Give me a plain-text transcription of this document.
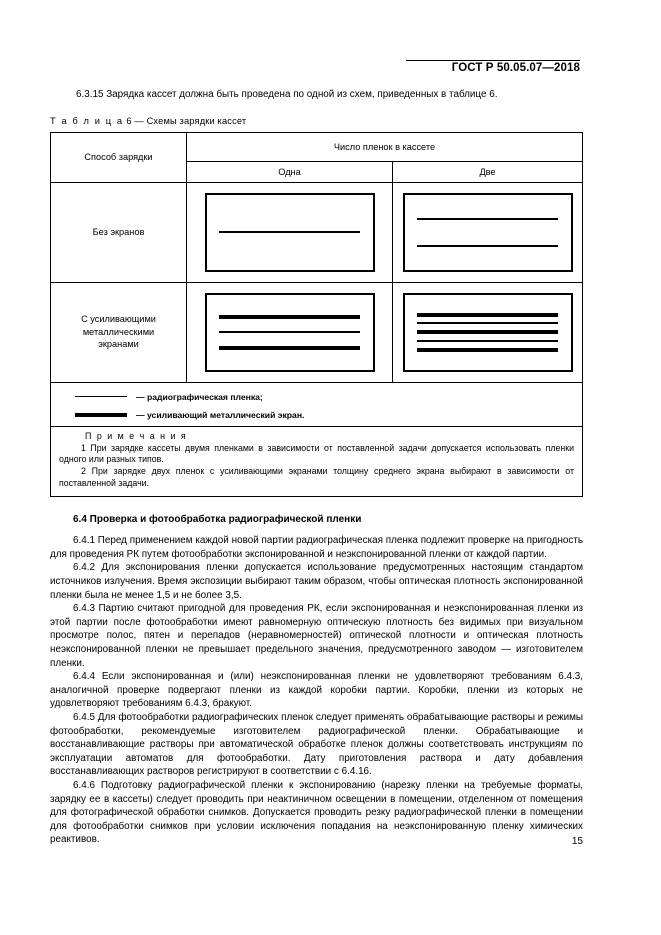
ГОСТ Р 50.05.07—2018

6.3.15 Зарядка кассет должна быть проведена по одной из схем, приведенных в таблице 6.

Т а б л и ц а 6 — Схемы зарядки кассет
Способ зарядки	Число пленок в кассете	
	Одна	Две
Без экранов	

С усиливающими
металлическими
экранами	

— радиографическая пленка;
— усиливающий металлический экран.		

П р и м е ч а н и я
1 При зарядке кассеты двумя пленками в зависимости от поставленной задачи допускается использовать пленки одного или разных типов.
2 При зарядке двух пленок с усиливающими экранами толщину среднего экрана выбирают в зависимости от поставленной задачи.		
6.4 Проверка и фотообработка радиографической пленки

6.4.1 Перед применением каждой новой партии радиографическая пленка подлежит проверке на пригодность для проведения РК путем фотообработки экспонированной и неэкспонированной пленки от каждой партии.

6.4.2 Для экспонирования пленки допускается использование предусмотренных настоящим стандартом источников излучения. Время экспозиции выбирают таким образом, чтобы оптическая плотность экспонированной пленки была не менее 1,5 и не более 3,5.

6.4.3 Партию считают пригодной для проведения РК, если экспонированная и неэкспонированная пленки из этой партии после фотообработки имеют равномерную оптическую плотность без видимых при визуальном просмотре полос, пятен и перепадов (неравномерностей) оптической плотности и оптическая плотность неэкспонированной пленки не превышает предельного значения, предусмотренного заводом — изготовителем пленки.

6.4.4 Если экспонированная и (или) неэкспонированная пленки не удовлетворяют требованиям 6.4.3, аналогичной проверке подвергают пленки из каждой коробки партии. Коробки, пленки из которых не удовлетворяют требованиям 6.4.3, бракуют.

6.4.5 Для фотообработки радиографических пленок следует применять обрабатывающие растворы и режимы фотообработки, рекомендуемые изготовителем радиографической пленки. Обрабатывающие и восстанавливающие растворы при автоматической обработке пленок должны соответствовать инструкциям по эксплуатации автоматов для фотообработки. Дату приготовления раствора и дату добавления восстанавливающих растворов регистрируют в соответствии с 6.4.16.

6.4.6 Подготовку радиографической пленки к экспонированию (нарезку пленки на требуемые форматы, зарядку ее в кассеты) следует проводить при неактиничном освещении в помещении, отделенном от помещения для фотографической обработки снимков. Допускается проводить резку радиографической пленки в помещении для фотообработки снимков при условии исключения попадания на неэкспонированную пленку химических реактивов.	15
